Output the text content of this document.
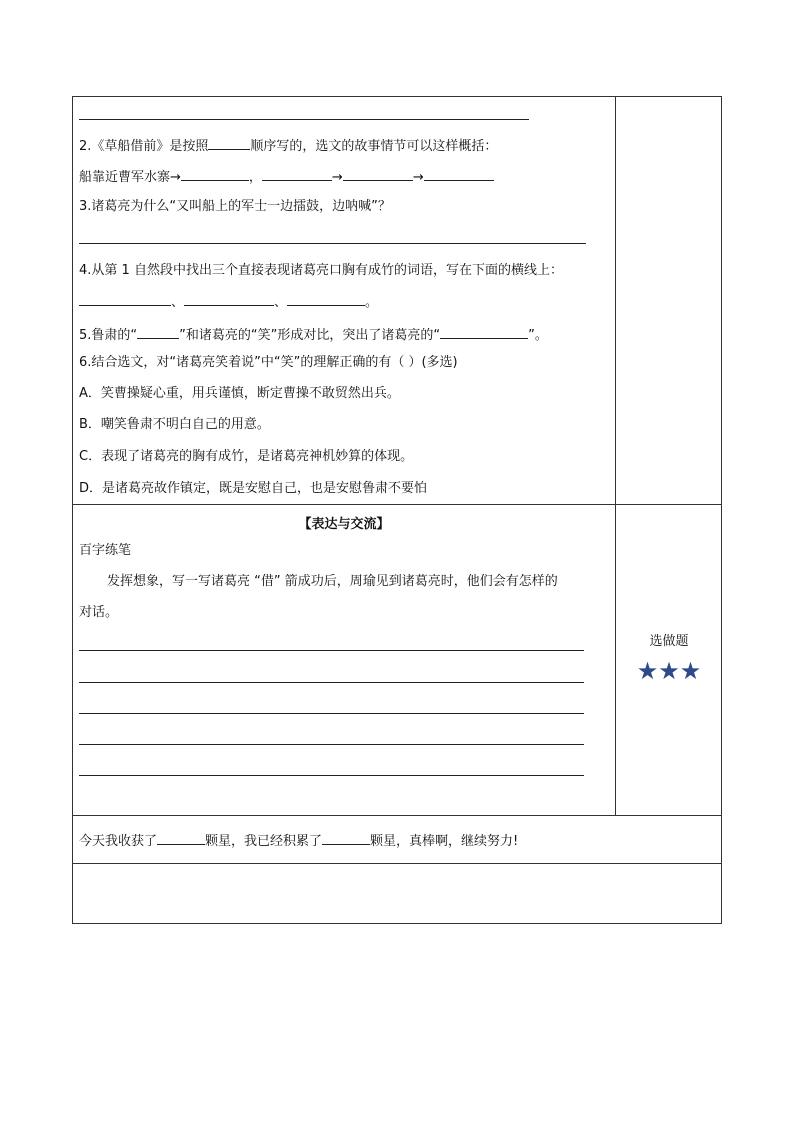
2.《草船借前》是按照	顺序写的，选文的故事情节可以这样概括：
船靠近曹军水寨→	，	→	→
3.诸葛亮为什么“又叫船上的军士一边擂鼓，边呐喊”？
4.从第 1 自然段中找出三个直接表现诸葛亮口胸有成竹的词语，写在下面的横线上：
、	、	。
5.鲁肃的“	”和诸葛亮的“笑”形成对比，突出了诸葛亮的“	”。
6.结合选文，对“诸葛亮笑着说”中“笑”的理解正确的有（ ）(多选)
A．笑曹操疑心重，用兵谨慎，断定曹操不敢贸然出兵。
B．嘲笑鲁肃不明白自己的用意。
C．表现了诸葛亮的胸有成竹，是诸葛亮神机妙算的体现。
D．是诸葛亮故作镇定，既是安慰自己，也是安慰鲁肃不要怕
【表达与交流】
百字练笔
发挥想象，写一写诸葛亮 “借” 箭成功后，周瑜见到诸葛亮时，他们会有怎样的
对话。
选做题
★★★
今天我收获了	颗星，我已经积累了	颗星，真棒啊，继续努力!
